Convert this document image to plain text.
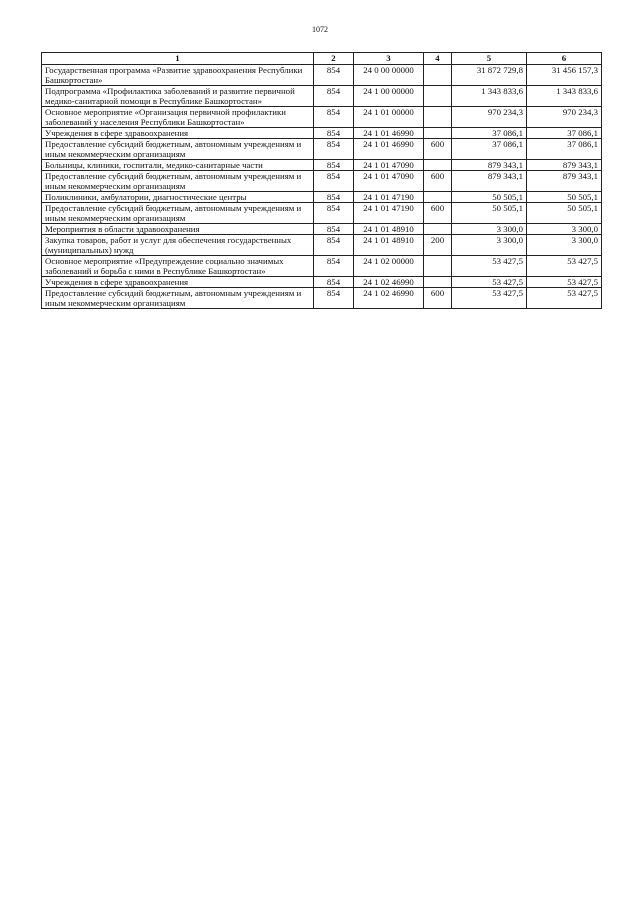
1072
1	2	3	4	5	6
Государственная программа «Развитие здравоохранения Республики Башкортостан»	854	24 0 00 00000		31 872 729,8	31 456 157,3
Подпрограмма «Профилактика заболеваний и развитие первичной медико-санитарной помощи в Республике Башкортостан»	854	24 1 00 00000		1 343 833,6	1 343 833,6
Основное мероприятие «Организация первичной профилактики заболеваний у населения Республики Башкортостан»	854	24 1 01 00000		970 234,3	970 234,3
Учреждения в сфере здравоохранения	854	24 1 01 46990		37 086,1	37 086,1
Предоставление субсидий бюджетным, автономным учреждениям и иным некоммерческим организациям	854	24 1 01 46990	600	37 086,1	37 086,1
Больницы, клиники, госпитали, медико-санитарные части	854	24 1 01 47090		879 343,1	879 343,1
Предоставление субсидий бюджетным, автономным учреждениям и иным некоммерческим организациям	854	24 1 01 47090	600	879 343,1	879 343,1
Поликлиники, амбулатории, диагностические центры	854	24 1 01 47190		50 505,1	50 505,1
Предоставление субсидий бюджетным, автономным учреждениям и иным некоммерческим организациям	854	24 1 01 47190	600	50 505,1	50 505,1
Мероприятия в области здравоохранения	854	24 1 01 48910		3 300,0	3 300,0
Закупка товаров, работ и услуг для обеспечения государственных (муниципальных) нужд	854	24 1 01 48910	200	3 300,0	3 300,0
Основное мероприятие «Предупреждение социально значимых заболеваний и борьба с ними в Республике Башкортостан»	854	24 1 02 00000		53 427,5	53 427,5
Учреждения в сфере здравоохранения	854	24 1 02 46990		53 427,5	53 427,5
Предоставление субсидий бюджетным, автономным учреждениям и иным некоммерческим организациям	854	24 1 02 46990	600	53 427,5	53 427,5
